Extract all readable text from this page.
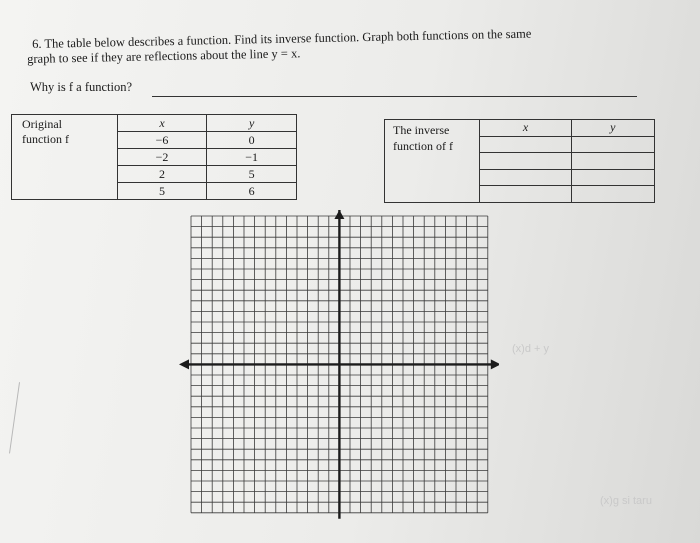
6. The table below describes a function. Find its inverse function. Graph both functions on the same
graph to see if they are reflections about the line y = x.
Why is f a function?
Original
function f	x	y
	−6	0
	−2	−1
	2	5
	5	6
The inverse
function of f	x	y

(x)d + y
(x)g si taru
